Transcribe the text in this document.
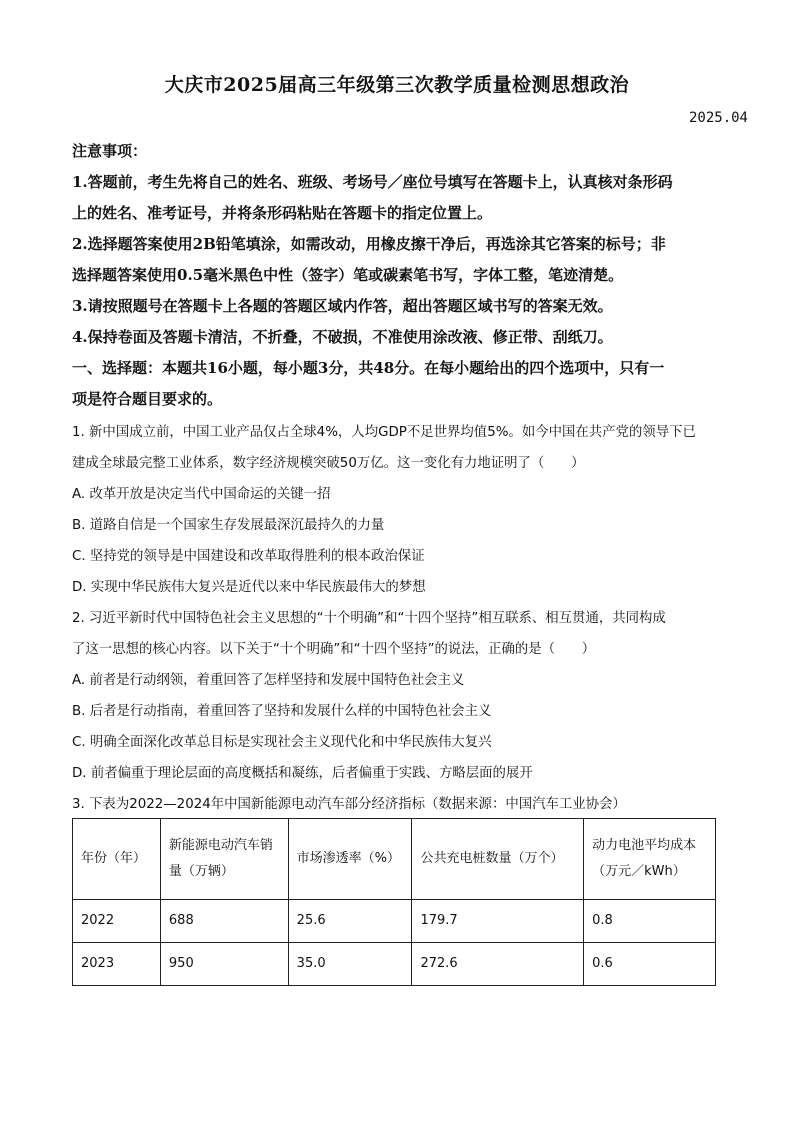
大庆市2025届高三年级第三次教学质量检测思想政治
2025.04
注意事项：
1.答题前，考生先将自己的姓名、班级、考场号／座位号填写在答题卡上，认真核对条形码
上的姓名、准考证号，并将条形码粘贴在答题卡的指定位置上。
2.选择题答案使用2B铅笔填涂，如需改动，用橡皮擦干净后，再选涂其它答案的标号；非
选择题答案使用0.5毫米黑色中性（签字）笔或碳素笔书写，字体工整，笔迹清楚。
3.请按照题号在答题卡上各题的答题区域内作答，超出答题区域书写的答案无效。
4.保持卷面及答题卡清洁，不折叠，不破损，不准使用涂改液、修正带、刮纸刀。
一、选择题：本题共16小题，每小题3分，共48分。在每小题给出的四个选项中，只有一
项是符合题目要求的。
1. 新中国成立前，中国工业产品仅占全球4%，人均GDP不足世界均值5%。如今中国在共产党的领导下已
建成全球最完整工业体系，数字经济规模突破50万亿。这一变化有力地证明了（　　）
A. 改革开放是决定当代中国命运的关键一招
B. 道路自信是一个国家生存发展最深沉最持久的力量
C. 坚持党的领导是中国建设和改革取得胜利的根本政治保证
D. 实现中华民族伟大复兴是近代以来中华民族最伟大的梦想
2. 习近平新时代中国特色社会主义思想的“十个明确”和“十四个坚持”相互联系、相互贯通，共同构成
了这一思想的核心内容。以下关于“十个明确”和“十四个坚持”的说法，正确的是（　　）
A. 前者是行动纲领，着重回答了怎样坚持和发展中国特色社会主义
B. 后者是行动指南，着重回答了坚持和发展什么样的中国特色社会主义
C. 明确全面深化改革总目标是实现社会主义现代化和中华民族伟大复兴
D. 前者偏重于理论层面的高度概括和凝练，后者偏重于实践、方略层面的展开
3. 下表为2022—2024年中国新能源电动汽车部分经济指标（数据来源：中国汽车工业协会）
年份（年）	新能源电动汽车销量（万辆）	市场渗透率（%）	公共充电桩数量（万个）	动力电池平均成本（万元／kWh）
2022	688	25.6	179.7	0.8
2023	950	35.0	272.6	0.6
